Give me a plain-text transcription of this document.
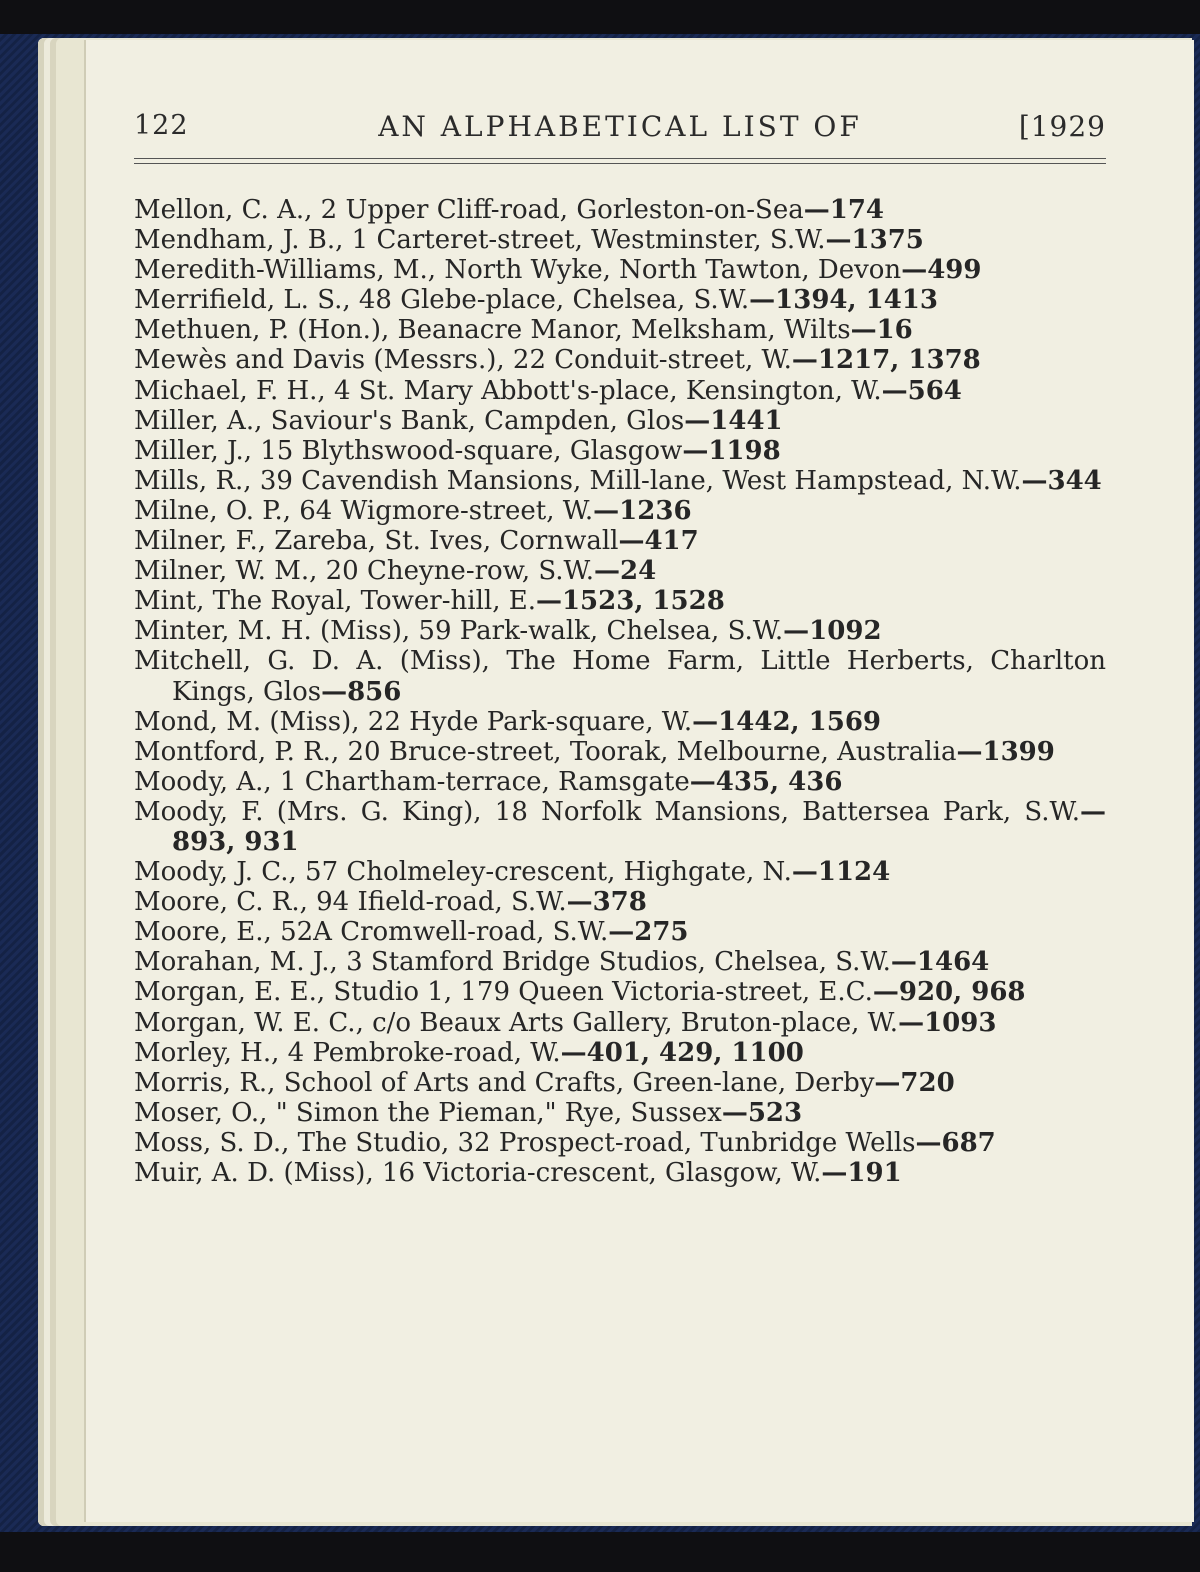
122	AN ALPHABETICAL LIST OF	[1929

Mellon, C. A., 2 Upper Cliff-road, Gorleston-on-Sea—174

Mendham, J. B., 1 Carteret-street, Westminster, S.W.—1375

Meredith-Williams, M., North Wyke, North Tawton, Devon—499

Merrifield, L. S., 48 Glebe-place, Chelsea, S.W.—1394, 1413

Methuen, P. (Hon.), Beanacre Manor, Melksham, Wilts—16

Mewès and Davis (Messrs.), 22 Conduit-street, W.—1217, 1378

Michael, F. H., 4 St. Mary Abbott's-place, Kensington, W.—564

Miller, A., Saviour's Bank, Campden, Glos—1441

Miller, J., 15 Blythswood-square, Glasgow—1198

Mills, R., 39 Cavendish Mansions, Mill-lane, West Hampstead, N.W.—344

Milne, O. P., 64 Wigmore-street, W.—1236

Milner, F., Zareba, St. Ives, Cornwall—417

Milner, W. M., 20 Cheyne-row, S.W.—24

Mint, The Royal, Tower-hill, E.—1523, 1528

Minter, M. H. (Miss), 59 Park-walk, Chelsea, S.W.—1092

Mitchell, G. D. A. (Miss), The Home Farm, Little Herberts, Charlton Kings, Glos—856

Mond, M. (Miss), 22 Hyde Park-square, W.—1442, 1569

Montford, P. R., 20 Bruce-street, Toorak, Melbourne, Australia—1399

Moody, A., 1 Chartham-terrace, Ramsgate—435, 436

Moody, F. (Mrs. G. King), 18 Norfolk Mansions, Battersea Park, S.W.—893, 931

Moody, J. C., 57 Cholmeley-crescent, Highgate, N.—1124

Moore, C. R., 94 Ifield-road, S.W.—378

Moore, E., 52A Cromwell-road, S.W.—275

Morahan, M. J., 3 Stamford Bridge Studios, Chelsea, S.W.—1464

Morgan, E. E., Studio 1, 179 Queen Victoria-street, E.C.—920, 968

Morgan, W. E. C., c/o Beaux Arts Gallery, Bruton-place, W.—1093

Morley, H., 4 Pembroke-road, W.—401, 429, 1100

Morris, R., School of Arts and Crafts, Green-lane, Derby—720

Moser, O., " Simon the Pieman," Rye, Sussex—523

Moss, S. D., The Studio, 32 Prospect-road, Tunbridge Wells—687

Muir, A. D. (Miss), 16 Victoria-crescent, Glasgow, W.—191
